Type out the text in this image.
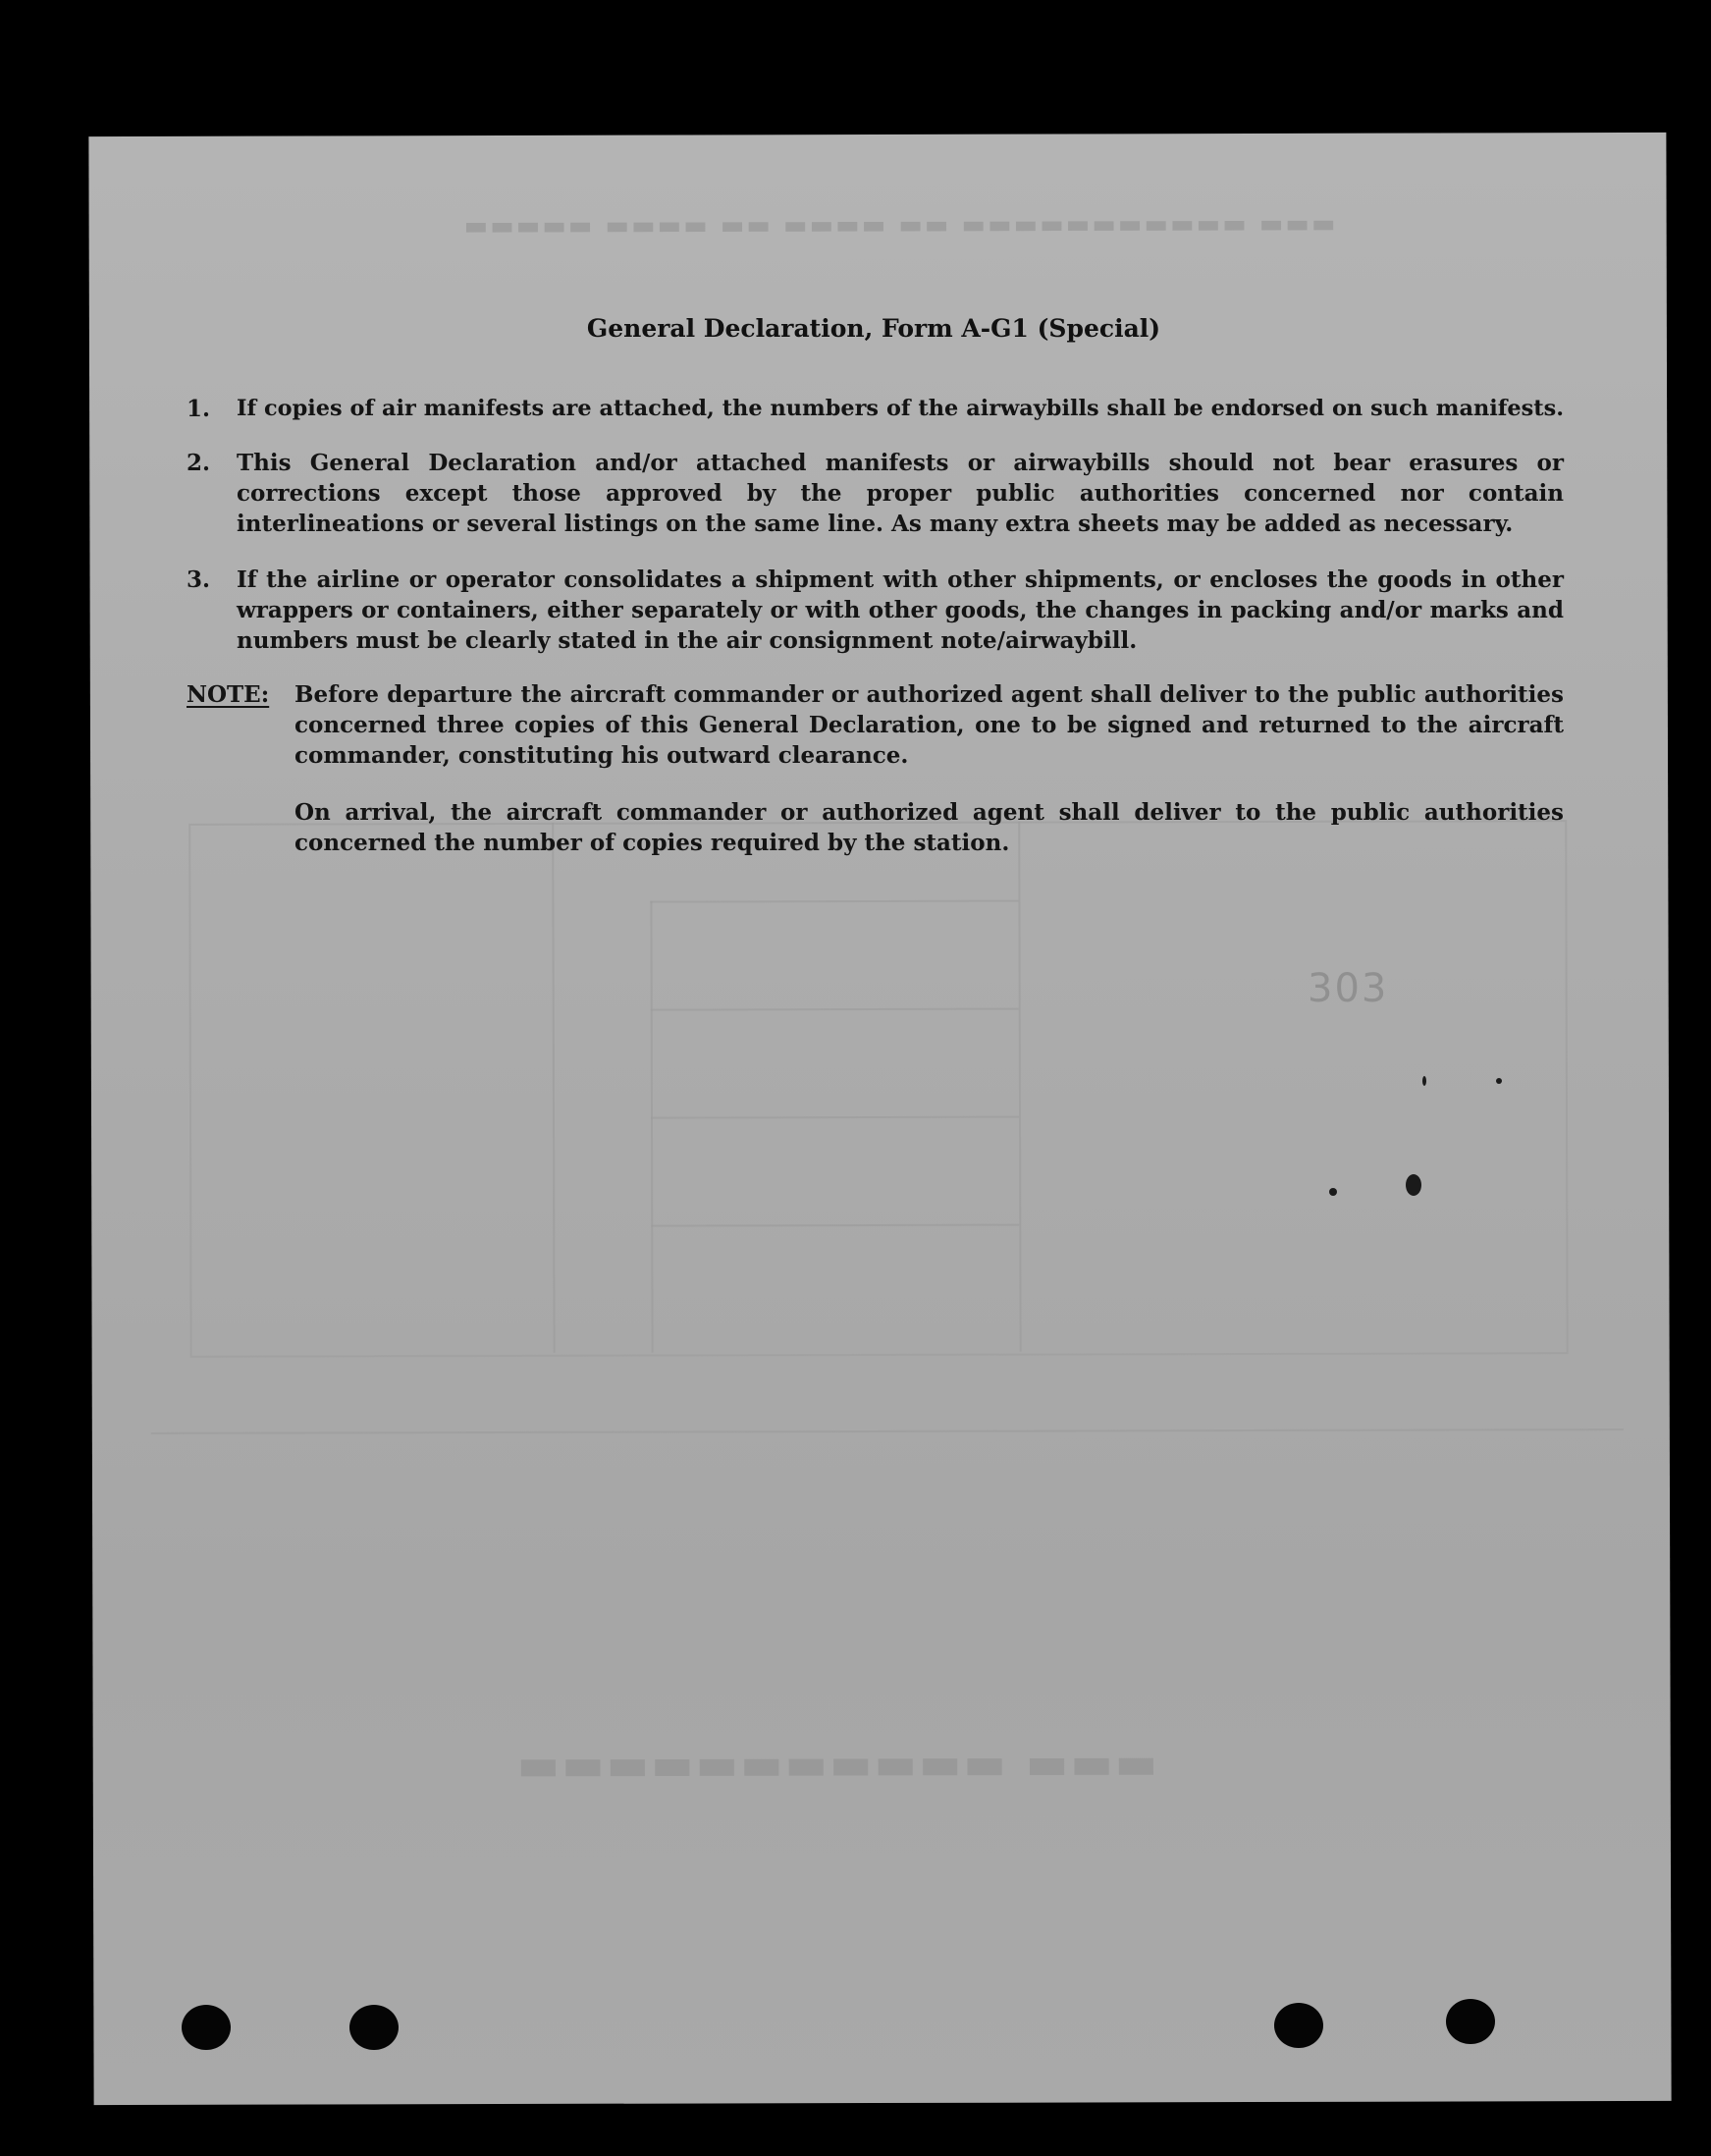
▬▬▬ ▬▬▬▬▬▬▬▬▬▬▬
▬▬▬ ▬▬▬▬▬▬▬▬▬▬▬ ▬▬ ▬▬▬▬ ▬▬ ▬▬▬▬ ▬▬▬▬▬
303
General Declaration, Form A-G1 (Special)
1. If copies of air manifests are attached, the numbers of the airwaybills shall be endorsed on such manifests.
2. This General Declaration and/or attached manifests or airwaybills should not bear erasures or corrections except those approved by the proper public authorities concerned nor contain interlineations or several listings on the same line. As many extra sheets may be added as necessary.
3. If the airline or operator consolidates a shipment with other shipments, or encloses the goods in other wrappers or containers, either separately or with other goods, the changes in packing and/or marks and numbers must be clearly stated in the air consignment note/airwaybill.
NOTE: Before departure the aircraft commander or authorized agent shall deliver to the public authorities concerned three copies of this General Declaration, one to be signed and returned to the aircraft commander, constituting his outward clearance.
On arrival, the aircraft commander or authorized agent shall deliver to the public authorities concerned the number of copies required by the station.
